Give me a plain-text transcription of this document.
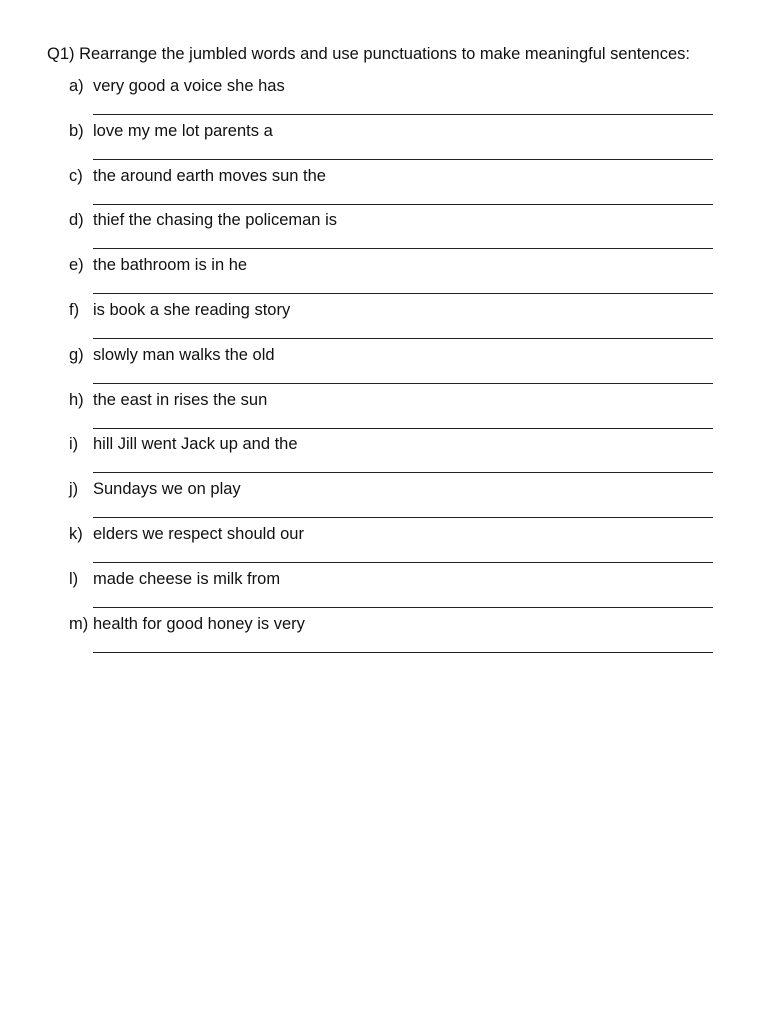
Q1) Rearrange the jumbled words and use punctuations to make meaningful sentences:
a) very good a voice she has
b) love my me lot parents a
c) the around earth moves sun the
d) thief the chasing the policeman is
e) the bathroom is in he
f) is book a she reading story
g) slowly man walks the old
h) the east in rises the sun
i) hill Jill went Jack up and the
j) Sundays we on play
k) elders we respect should our
l) made cheese is milk from
m) health for good honey is very
